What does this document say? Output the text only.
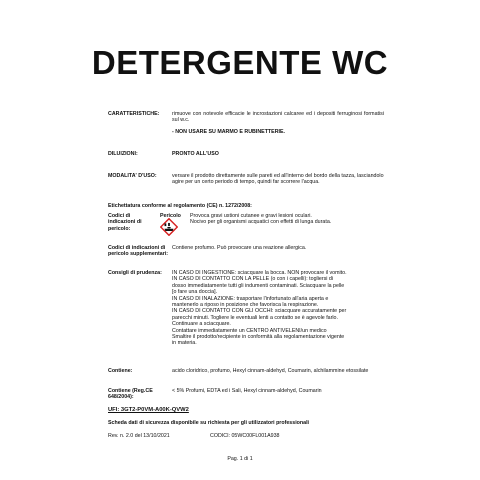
DETERGENTE WC
CARATTERISTICHE:	rimuove con notevole efficacie le incrostazioni calcaree ed i depositi ferruginosi formatisi sul w.c.
- NON USARE SU MARMO E RUBINETTERIE.
DILUIZIONI:	PRONTO ALL'USO
MODALITA' D'USO:	versare il prodotto direttamente sulle pareti ed all'interno del bordo della tazza, lasciandolo agire per un certo periodo di tempo, quindi far scorrere l'acqua.
Etichettatura conforme al regolamento (CE) n. 1272/2008:
Codici di indicazioni di pericolo:
Pericolo Provoca gravi ustioni cutanee e gravi lesioni oculari.
Nocivo per gli organismi acquatici con effetti di lunga durata.
Codici di indicazioni di pericolo supplementari:
Contiene profumo. Può provocare una reazione allergica.
Consigli di prudenza:	IN CASO DI INGESTIONE: sciacquare la bocca. NON provocare il vomito.
IN CASO DI CONTATTO CON LA PELLE (o con i capelli): togliersi di
dosso immediatamente tutti gli indumenti contaminati. Sciacquare la pelle
[o fare una doccia].
IN CASO DI INALAZIONE: trasportare l'infortunato all'aria aperta e
mantenerlo a riposo in posizione che favorisca la respirazione.
IN CASO DI CONTATTO CON GLI OCCHI: sciacquare accuratamente per
parecchi minuti. Togliere le eventuali lenti a contatto se è agevole farlo.
Continuare a sciacquare.
Contattare immediatamente un CENTRO ANTIVELENI/un medico
Smaltire il prodotto/recipiente in conformità alla regolamentazione vigente
in materia.
Contiene:	acido cloridrico, profumo, Hexyl cinnam-aldehyd, Coumarin, alchilammine etossilate
Contiene (Reg.CE 648/2004):
< 5% Profumi, EDTA ed i Sali, Hexyl cinnam-aldehyd, Coumarin
UFI: 3GT2-P0VM-A00K-QVW2
Scheda dati di sicurezza disponibile su richiesta per gli utilizzatori professionali
Rev. n. 2.0 del 13/10/2021	CODICI: 05WC00FL001A938
Pag. 1 di 1
